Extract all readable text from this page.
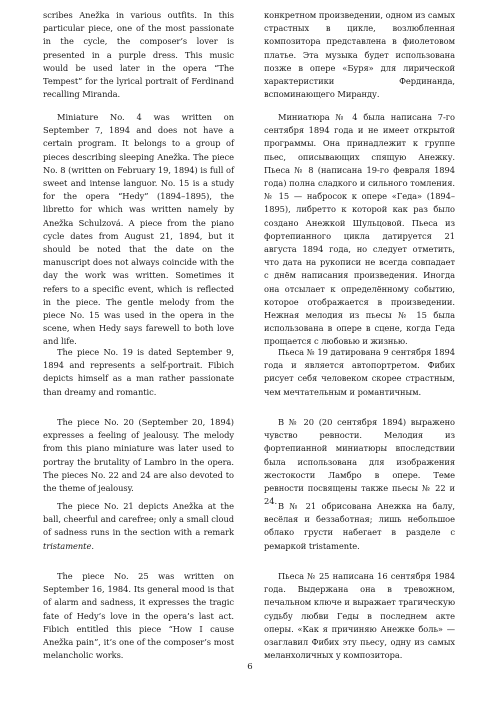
scribes Anežka in various outfits. In this particular piece, one of the most passionate in the cycle, the composer’s lover is presented in a purple dress. This music would be used later in the opera “The Tempest” for the lyrical portrait of Ferdinand recalling Miranda.

Miniature No. 4 was written on September 7, 1894 and does not have a certain program. It belongs to a group of pieces describing sleeping Anežka. The piece No. 8 (written on February 19, 1894) is full of sweet and intense languor. No. 15 is a study for the opera “Hedy” (1894–1895), the libretto for which was written namely by Anežka Schulzová. A piece from the piano cycle dates from August 21, 1894, but it should be noted that the date on the manuscript does not always coincide with the day the work was written. Sometimes it refers to a specific event, which is reflected in the piece. The gentle melody from the piece No. 15 was used in the opera in the scene, when Hedy says farewell to both love and life.

The piece No. 19 is dated September 9, 1894 and represents a self-portrait. Fibich depicts himself as a man rather passionate than dreamy and romantic.

The piece No. 20 (September 20, 1894) expresses a feeling of jealousy. The melody from this piano miniature was later used to portray the brutality of Lambro in the opera. The pieces No. 22 and 24 are also devoted to the theme of jealousy.

The piece No. 21 depicts Anežka at the ball, cheerful and carefree; only a small cloud of sadness runs in the section with a remark tristamente.

The piece No. 25 was written on September 16, 1984. Its general mood is that of alarm and sadness, it expresses the tragic fate of Hedy’s love in the opera’s last act. Fibich entitled this piece “How I cause Anežka pain”, it’s one of the composer’s most melancholic works.

конкретном произведении, одном из самых страстных в цикле, возлюбленная композитора представлена в фиолетовом платье. Эта музыка будет использована позже в опере «Буря» для лирической характеристики Фердинанда, вспоминающего Миранду.

Миниатюра № 4 была написана 7-го сентября 1894 года и не имеет открытой программы. Она принадлежит к группе пьес, описывающих спящую Анежку. Пьеса № 8 (написана 19-го февраля 1894 года) полна сладкого и сильного томления. № 15 — набросок к опере «Геда» (1894–1895), либретто к которой как раз было создано Анежкой Шульцовой. Пьеса из фортепианного цикла датируется 21 августа 1894 года, но следует отметить, что дата на рукописи не всегда совпадает с днём написания произведения. Иногда она отсылает к определённому событию, которое отображается в произведении. Нежная мелодия из пьесы № 15 была использована в опере в сцене, когда Геда прощается с любовью и жизнью.

Пьеса № 19 датирована 9 сентября 1894 года и является автопортретом. Фибих рисует себя человеком скорее страстным, чем мечтательным и романтичным.

В № 20 (20 сентября 1894) выражено чувство ревности. Мелодия из фортепианной миниатюры впоследствии была использована для изображения жестокости Ламбро в опере. Теме ревности посвящены также пьесы № 22 и 24. В № 21 обрисована Анежка на балу, весёлая и беззаботная; лишь небольшое облако грусти набегает в разделе с ремаркой tristamente.

Пьеса № 25 написана 16 сентября 1984 года. Выдержана она в тревожном, печальном ключе и выражает трагическую судьбу любви Геды в последнем акте оперы. «Как я причиняю Анежке боль» — озаглавил Фибих эту пьесу, одну из самых меланхоличных у композитора.

6
